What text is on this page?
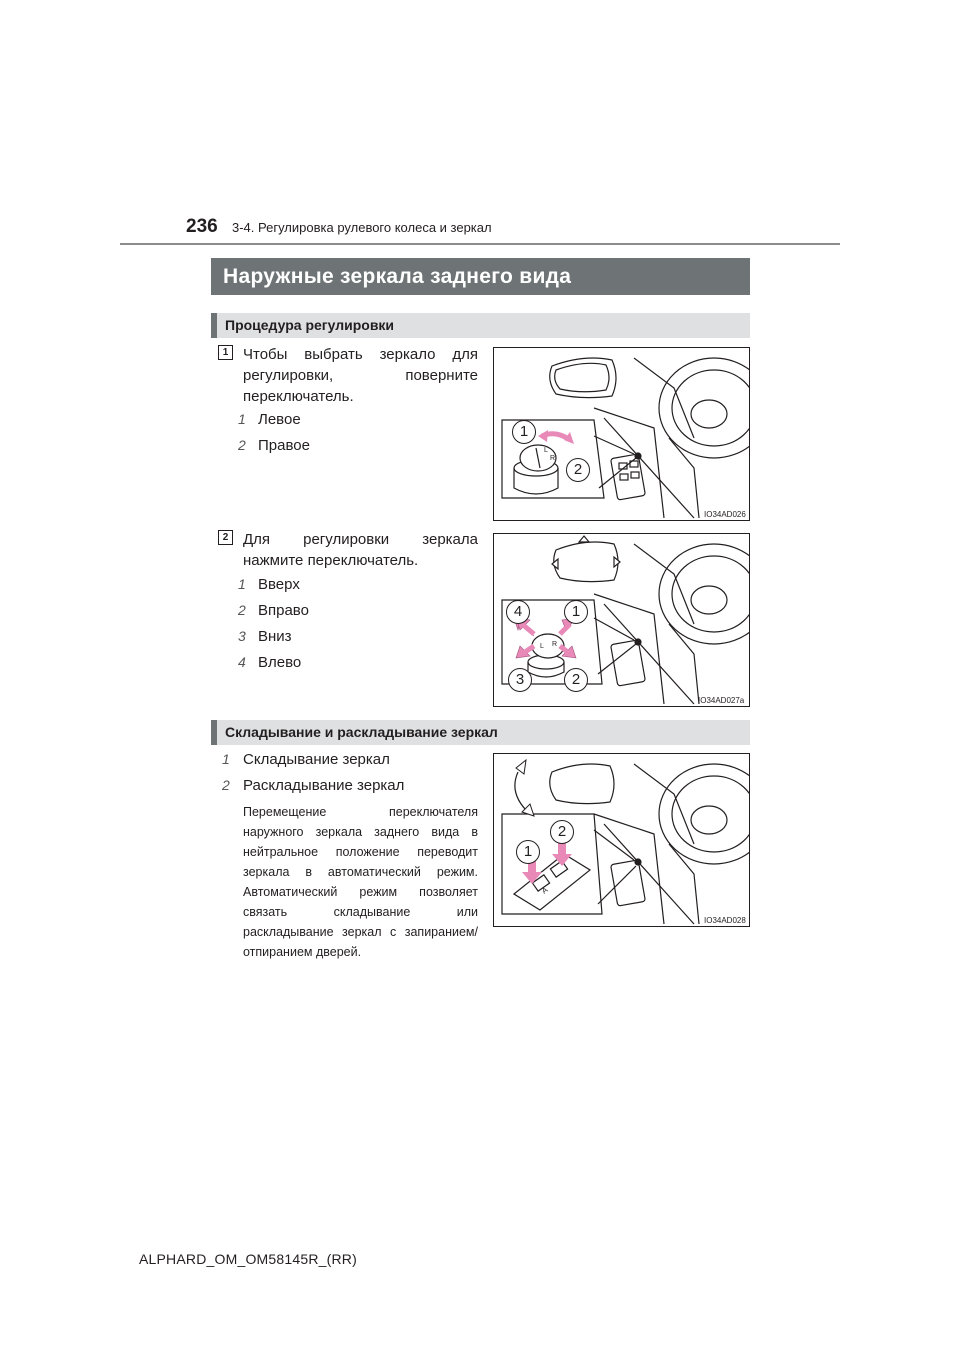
236 3-4. Регулировка рулевого колеса и зеркал
Наружные зеркала заднего вида
Процедура регулировки
1 Чтобы выбрать зеркало для регулировки, поверните переключатель.
1 Левое
2 Правое	L
R
1
2
IO34AD026
2 Для регулировки зеркала нажмите переключатель.
1 Вверх
2 Вправо
3 Вниз
4 Влево
L R
4	1
3	2
IO34AD027a
Складывание и раскладывание зеркал
1 Складывание зеркал
2 Раскладывание зеркал
Перемещение переключателя наружного зеркала заднего вида в нейтральное положение переводит зеркала в автоматический режим. Автоматический режим позволяет связать складывание или раскладывание зеркал с запиранием/отпиранием дверей.
A
2
1
IO34AD028
ALPHARD_OM_OM58145R_(RR)
